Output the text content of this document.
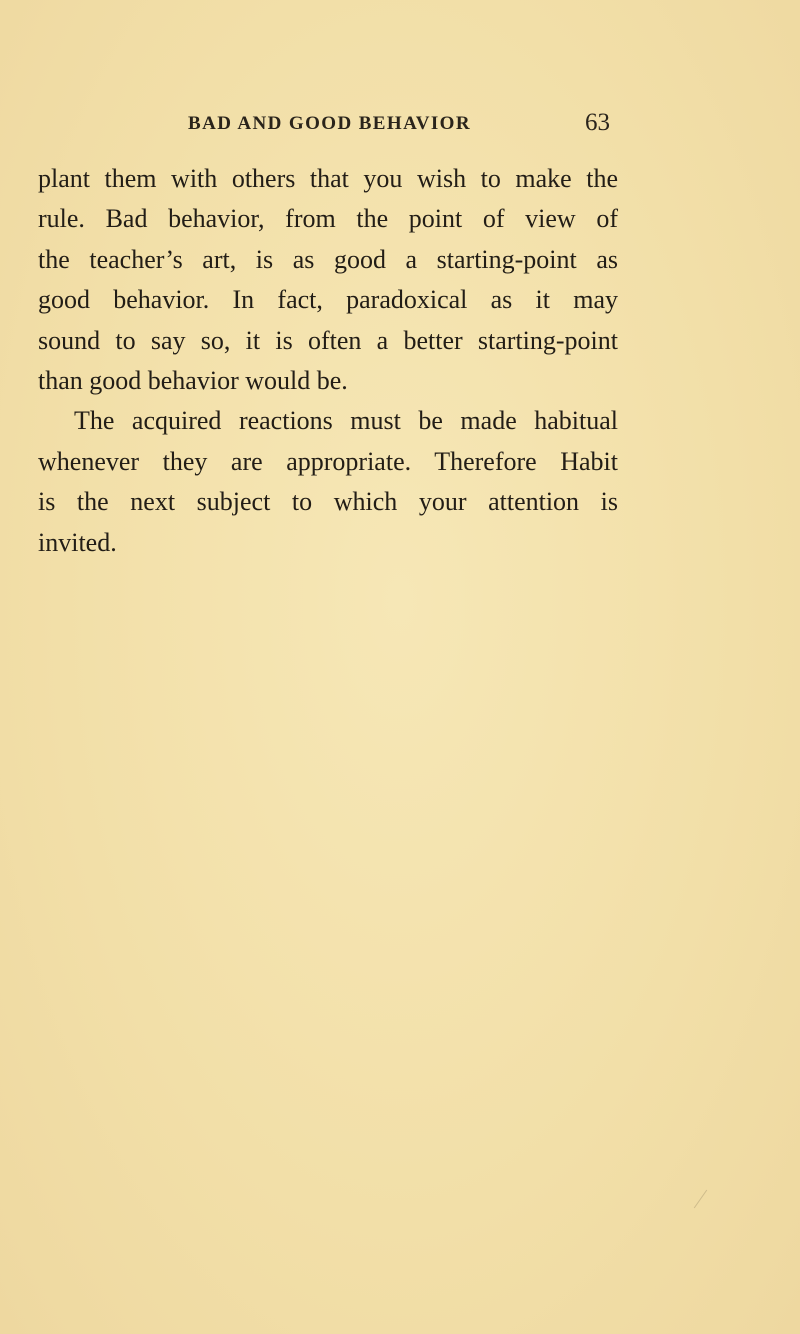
BAD AND GOOD BEHAVIOR	63
plant them with others that you wish to make the
rule. Bad behavior, from the point of view of
the teacher’s art, is as good a starting-point as
good behavior. In fact, paradoxical as it may
sound to say so, it is often a better starting-point
than good behavior would be.
The acquired reactions must be made habitual
whenever they are appropriate. Therefore Habit
is the next subject to which your attention is
invited.
